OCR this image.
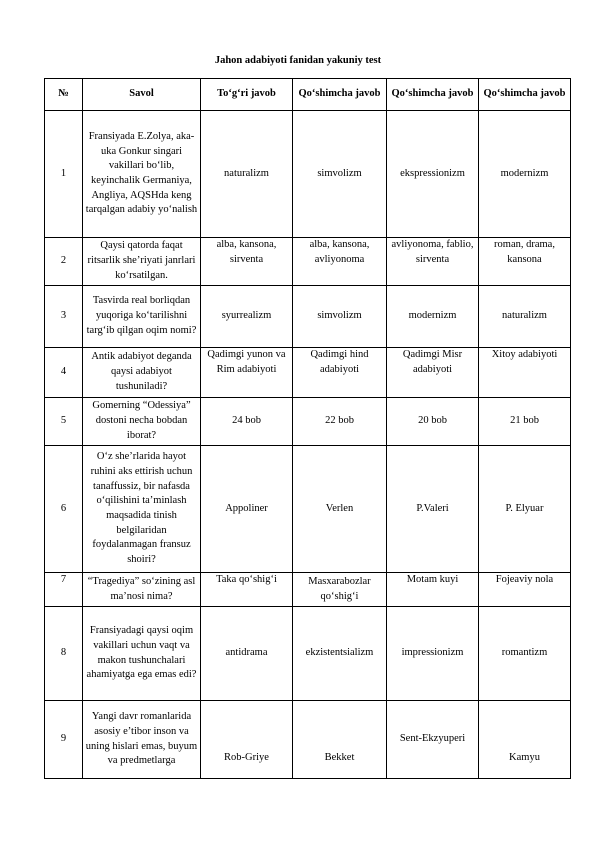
Jahon adabiyoti fanidan yakuniy test
№	Savol	To‘g‘ri javob	Qo‘shimcha javob	Qo‘shimcha javob	Qo‘shimcha javob
1	Fransiyada E.Zolya, aka-uka Gonkur singari vakillari bo‘lib, keyinchalik Germaniya, Angliya, AQSHda keng tarqalgan adabiy yo‘nalish	naturalizm	simvolizm	ekspressionizm	modernizm
2	Qaysi qatorda faqat ritsarlik she’riyati janrlari ko‘rsatilgan.	alba, kansona, sirventa	alba, kansona, avliyonoma	avliyonoma, fablio, sirventa	roman, drama, kansona
3	Tasvirda real borliqdan yuqoriga ko‘tarilishni targ‘ib qilgan oqim nomi?	syurrealizm	simvolizm	modernizm	naturalizm
4	Antik adabiyot deganda qaysi adabiyot tushuniladi?	Qadimgi yunon va Rim adabiyoti	Qadimgi hind adabiyoti	Qadimgi Misr adabiyoti	Xitoy adabiyoti
5	Gomerning “Odessiya” dostoni necha bobdan iborat?	24 bob	22 bob	20 bob	21 bob
6	O‘z she’rlarida hayot ruhini aks ettirish uchun tanaffussiz, bir nafasda o‘qilishini ta’minlash maqsadida tinish belgilaridan foydalanmagan fransuz shoiri?	Appoliner	Verlen	P.Valeri	P. Elyuar
7	“Tragediya” so‘zining asl ma’nosi nima?	Taka qo‘shig‘i	Masxarabozlar qo‘shig‘i	Motam kuyi	Fojeaviy nola
8	Fransiyadagi qaysi oqim vakillari uchun vaqt va makon tushunchalari ahamiyatga ega emas edi?	antidrama	ekzistentsializm	impressionizm	romantizm
9	Yangi davr romanlarida asosiy e’tibor inson va uning hislari emas, buyum va predmetlarga	Rob-Griye	Bekket	Sent-Ekzyuperi	Kamyu
